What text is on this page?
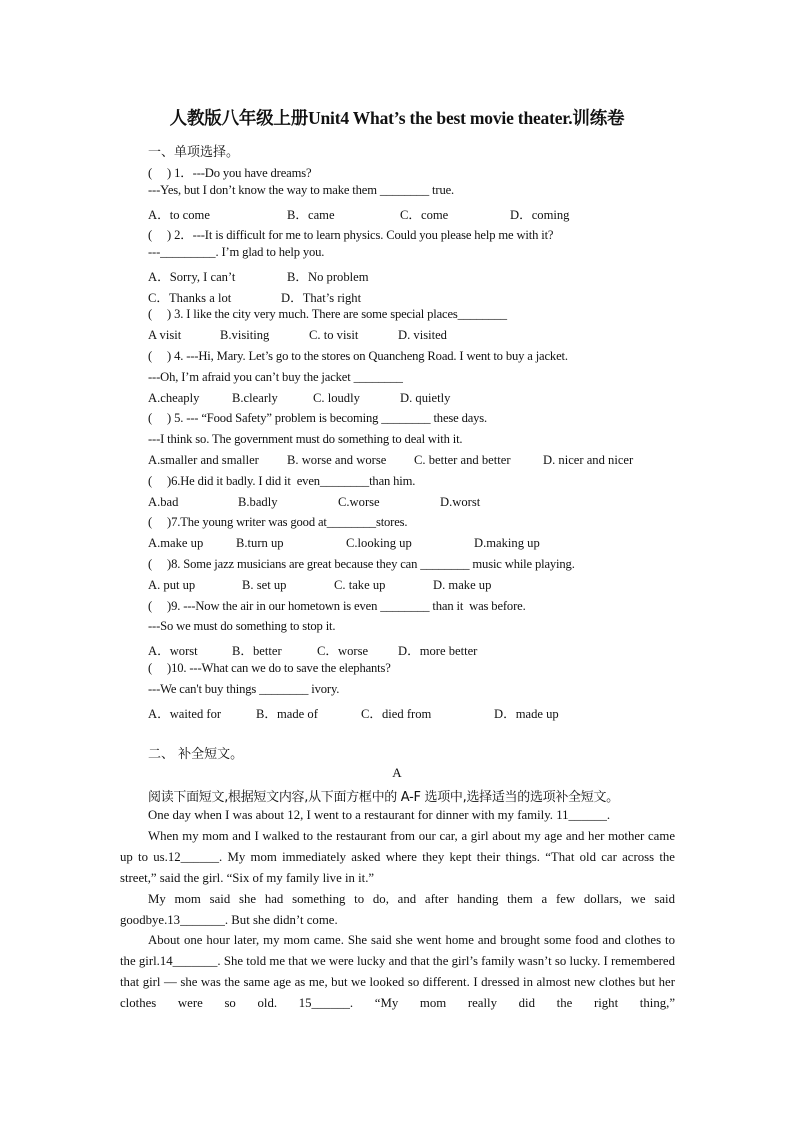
人教版八年级上册Unit4 What’s the best movie theater.训练卷
一、单项选择。
(     ) 1．---Do you have dreams?
---Yes, but I don’t know the way to make them ________ true.
A．to come	B．came	C．come	D．coming
(     ) 2．---It is difficult for me to learn physics. Could you please help me with it?
---_________. I’m glad to help you.
A．Sorry, I can’t	B．No problem
C．Thanks a lot	D．That’s right
(     ) 3. I like the city very much. There are some special places________
A visit	B.visiting	C. to visit	D. visited
(     ) 4. ---Hi, Mary. Let’s go to the stores on Quancheng Road. I went to buy a jacket.
---Oh, I’m afraid you can’t buy the jacket ________
A.cheaply	B.clearly	C. loudly	D. quietly
(     ) 5. --- “Food Safety” problem is becoming ________ these days.
---I think so. The government must do something to deal with it.
A.smaller and smaller B. worse and worse C. better and better	D. nicer and nicer
(     )6.He did it badly. I did it  even________than him.
A.bad	B.badly	C.worse	D.worst
(     )7.The young writer was good at________stores.
A.make up	B.turn up	C.looking up	D.making up
(     )8. Some jazz musicians are great because they can ________ music while playing.
A. put up	B. set up	C. take up	D. make up
(     )9. ---Now the air in our hometown is even ________ than it  was before.
---So we must do something to stop it.
A．worst	B．better	C．worse D．more better
(     )10. ---What can we do to save the elephants?
---We can't buy things ________ ivory.
A．waited for	B．made of	C．died from	D．made up
二、 补全短文。
A
阅读下面短文,根据短文内容,从下面方框中的 A-F 选项中,选择适当的选项补全短文。

One day when I was about 12, I went to a restaurant for dinner with my family. 11______.

When my mom and I walked to the restaurant from our car, a girl about my age and her mother came up to us.12______. My mom immediately asked where they kept their things. “That old car across the street,” said the girl. “Six of my family live in it.”

My mom said she had something to do, and after handing them a few dollars, we said goodbye.13_______. But she didn’t come.

About one hour later, my mom came. She said she went home and brought some food and clothes to the girl.14_______. She told me that we were lucky and that the girl’s family wasn’t so lucky. I remembered that girl — she was the same age as me, but we looked so different. I dressed in almost new clothes but her clothes were so old. 15______. “My mom really did the right thing,”
